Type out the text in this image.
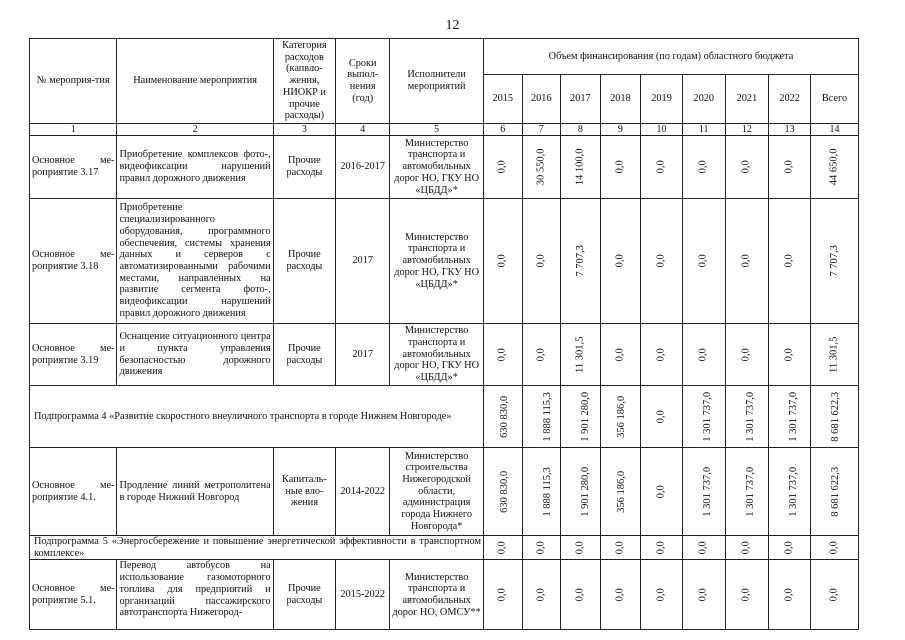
12
№ мероприя-тия	Наименование мероприятия	Категория расходов (капвло-жения, НИОКР и прочие расходы)	Сроки выпол-нения (год)	Исполнители мероприятий	Объем финансирования (по годам) областного бюджета								
					2015	2016	2017	2018	2019	2020	2021	2022	Всего
1	2	3	4	5	6	7	8	9	10	11	12	13	14
Основное ме-роприятие 3.17	Приобретение комплексов фото-, видеофиксации нарушений правил дорожного движения	Прочие расходы	2016-2017	Министерство транспорта и автомобильных дорог НО, ГКУ НО «ЦБДД»*	0,0	30 550,0	14 100,0	0,0	0,0	0,0	0,0	0,0	44 650,0
Основное ме-роприятие 3.18	Приобретение специализированного оборудования, программного обеспечения, системы хранения данных и серверов с автоматизированными рабочими местами, направленных на развитие сегмента фото-, видеофиксации нарушений правил дорожного движения	Прочие расходы	2017	Министерство транспорта и автомобильных дорог НО, ГКУ НО «ЦБДД»*	0,0	0,0	7 707,3	0,0	0,0	0,0	0,0	0,0	7 707,3
Основное ме-роприятие 3.19	Оснащение ситуационного центра и пункта управления безопасностью дорожного движения	Прочие расходы	2017	Министерство транспорта и автомобильных дорог НО, ГКУ НО «ЦБДД»*	0,0	0,0	11 301,5	0,0	0,0	0,0	0,0	0,0	11 301,5
Подпрограмма 4 «Развитие скоростного внеуличного транспорта в городе Нижнем Новгороде»					630 830,0	1 888 115,3	1 901 280,0	356 186,0	0,0	1 301 737,0	1 301 737,0	1 301 737,0	8 681 622,3
Основное ме-роприятие 4.1.	Продление линий метрополитена в городе Нижний Новгород	Капиталь-ные вло-жения	2014-2022	Министерство строительства Нижегородской области, администрация города Нижнего Новгорода*	630 830,0	1 888 115,3	1 901 280,0	356 186,0	0,0	1 301 737,0	1 301 737,0	1 301 737,0	8 681 622,3
Подпрограмма 5 «Энергосбережение и повышение энергетической эффективности в транспортном комплексе»					0,0	0,0	0,0	0,0	0,0	0,0	0,0	0,0	0,0
Основное ме-роприятие 5.1.	Перевод автобусов на использование газомоторного топлива для предприятий и организаций пассажирского автотранспорта Нижегород-	Прочие расходы	2015-2022	Министерство транспорта и автомобильных дорог НО, ОМСУ**	0,0	0,0	0,0	0,0	0,0	0,0	0,0	0,0	0,0
